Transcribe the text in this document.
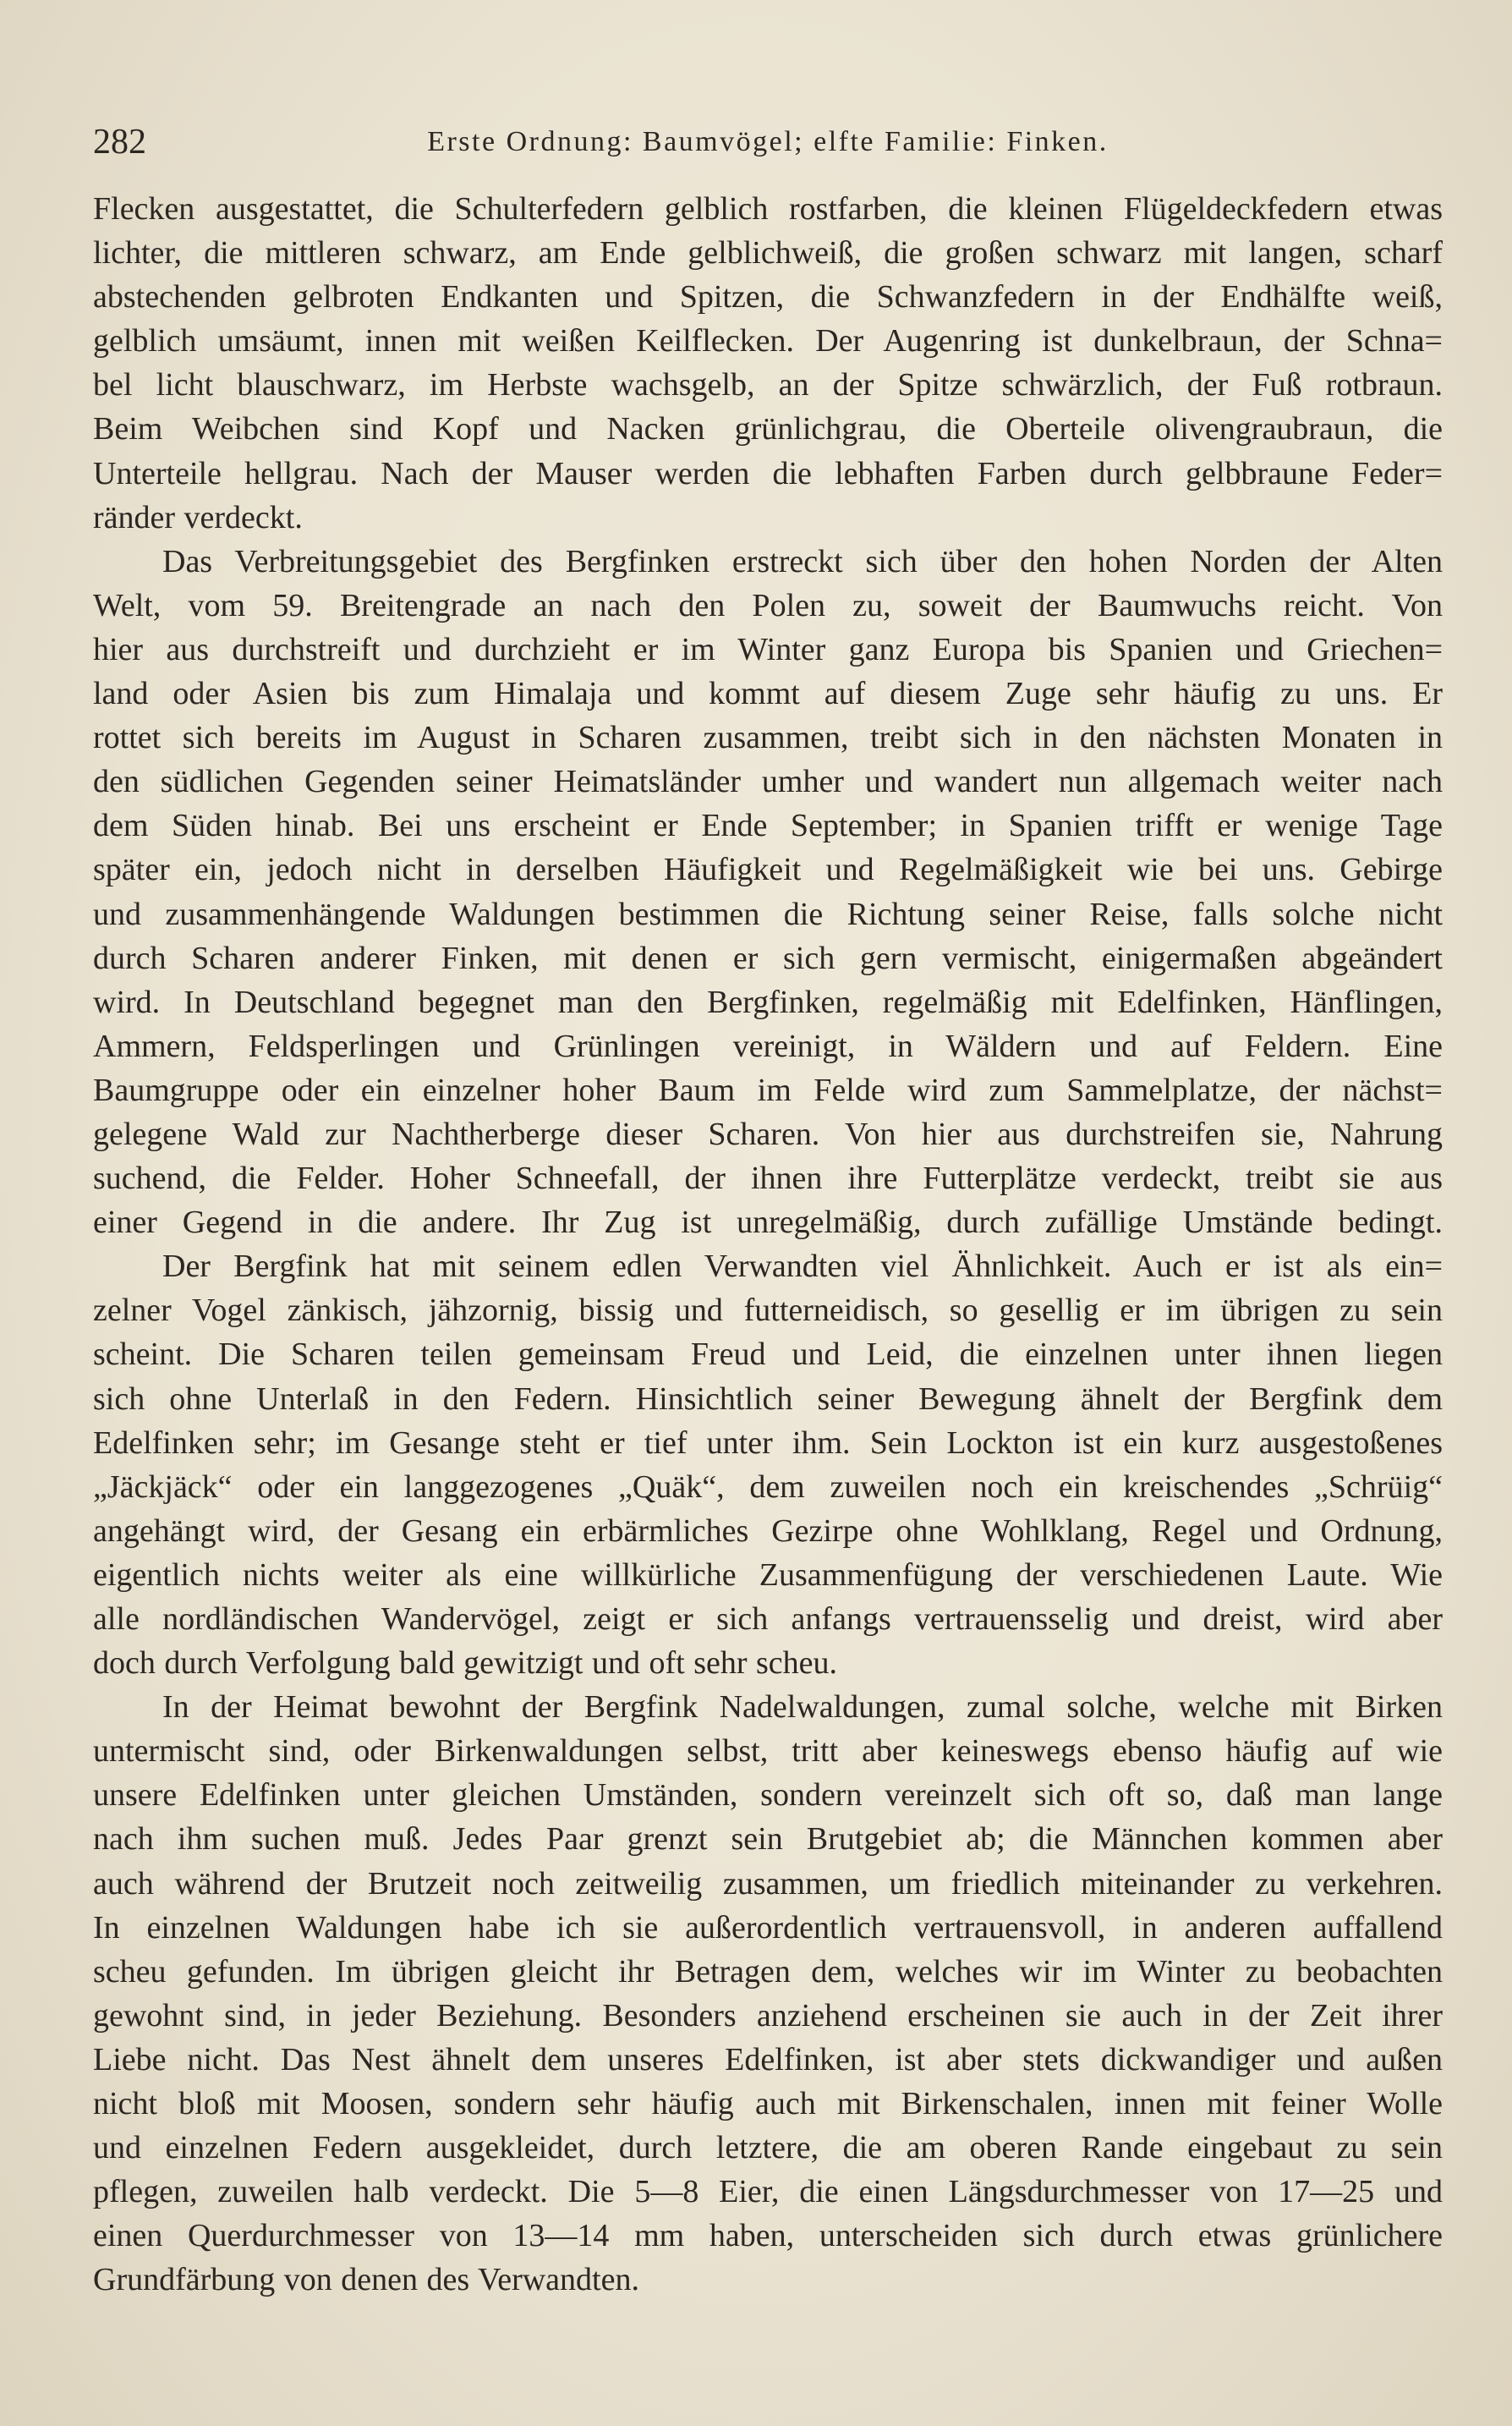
282	Erste Ordnung: Baumvögel; elfte Familie: Finken.
Flecken ausgestattet, die Schulterfedern gelblich rostfarben, die kleinen Flügeldeckfedern etwas
lichter, die mittleren schwarz, am Ende gelblichweiß, die großen schwarz mit langen, scharf
abstechenden gelbroten Endkanten und Spitzen, die Schwanzfedern in der Endhälfte weiß,
gelblich umsäumt, innen mit weißen Keilflecken. Der Augenring ist dunkelbraun, der Schna=
bel licht blauschwarz, im Herbste wachsgelb, an der Spitze schwärzlich, der Fuß rotbraun.
Beim Weibchen sind Kopf und Nacken grünlichgrau, die Oberteile olivengraubraun, die
Unterteile hellgrau. Nach der Mauser werden die lebhaften Farben durch gelbbraune Feder=
ränder verdeckt.
Das Verbreitungsgebiet des Bergfinken erstreckt sich über den hohen Norden der Alten
Welt, vom 59. Breitengrade an nach den Polen zu, soweit der Baumwuchs reicht. Von
hier aus durchstreift und durchzieht er im Winter ganz Europa bis Spanien und Griechen=
land oder Asien bis zum Himalaja und kommt auf diesem Zuge sehr häufig zu uns. Er
rottet sich bereits im August in Scharen zusammen, treibt sich in den nächsten Monaten in
den südlichen Gegenden seiner Heimatsländer umher und wandert nun allgemach weiter nach
dem Süden hinab. Bei uns erscheint er Ende September; in Spanien trifft er wenige Tage
später ein, jedoch nicht in derselben Häufigkeit und Regelmäßigkeit wie bei uns. Gebirge
und zusammenhängende Waldungen bestimmen die Richtung seiner Reise, falls solche nicht
durch Scharen anderer Finken, mit denen er sich gern vermischt, einigermaßen abgeändert
wird. In Deutschland begegnet man den Bergfinken, regelmäßig mit Edelfinken, Hänflingen,
Ammern, Feldsperlingen und Grünlingen vereinigt, in Wäldern und auf Feldern. Eine
Baumgruppe oder ein einzelner hoher Baum im Felde wird zum Sammelplatze, der nächst=
gelegene Wald zur Nachtherberge dieser Scharen. Von hier aus durchstreifen sie, Nahrung
suchend, die Felder. Hoher Schneefall, der ihnen ihre Futterplätze verdeckt, treibt sie aus
einer Gegend in die andere. Ihr Zug ist unregelmäßig, durch zufällige Umstände bedingt.
Der Bergfink hat mit seinem edlen Verwandten viel Ähnlichkeit. Auch er ist als ein=
zelner Vogel zänkisch, jähzornig, bissig und futterneidisch, so gesellig er im übrigen zu sein
scheint. Die Scharen teilen gemeinsam Freud und Leid, die einzelnen unter ihnen liegen
sich ohne Unterlaß in den Federn. Hinsichtlich seiner Bewegung ähnelt der Bergfink dem
Edelfinken sehr; im Gesange steht er tief unter ihm. Sein Lockton ist ein kurz ausgestoßenes
„Jäckjäck“ oder ein langgezogenes „Quäk“, dem zuweilen noch ein kreischendes „Schrüig“
angehängt wird, der Gesang ein erbärmliches Gezirpe ohne Wohlklang, Regel und Ordnung,
eigentlich nichts weiter als eine willkürliche Zusammenfügung der verschiedenen Laute. Wie
alle nordländischen Wandervögel, zeigt er sich anfangs vertrauensselig und dreist, wird aber
doch durch Verfolgung bald gewitzigt und oft sehr scheu.
In der Heimat bewohnt der Bergfink Nadelwaldungen, zumal solche, welche mit Birken
untermischt sind, oder Birkenwaldungen selbst, tritt aber keineswegs ebenso häufig auf wie
unsere Edelfinken unter gleichen Umständen, sondern vereinzelt sich oft so, daß man lange
nach ihm suchen muß. Jedes Paar grenzt sein Brutgebiet ab; die Männchen kommen aber
auch während der Brutzeit noch zeitweilig zusammen, um friedlich miteinander zu verkehren.
In einzelnen Waldungen habe ich sie außerordentlich vertrauensvoll, in anderen auffallend
scheu gefunden. Im übrigen gleicht ihr Betragen dem, welches wir im Winter zu beobachten
gewohnt sind, in jeder Beziehung. Besonders anziehend erscheinen sie auch in der Zeit ihrer
Liebe nicht. Das Nest ähnelt dem unseres Edelfinken, ist aber stets dickwandiger und außen
nicht bloß mit Moosen, sondern sehr häufig auch mit Birkenschalen, innen mit feiner Wolle
und einzelnen Federn ausgekleidet, durch letztere, die am oberen Rande eingebaut zu sein
pflegen, zuweilen halb verdeckt. Die 5—8 Eier, die einen Längsdurchmesser von 17—25 und
einen Querdurchmesser von 13—14 mm haben, unterscheiden sich durch etwas grünlichere
Grundfärbung von denen des Verwandten.
